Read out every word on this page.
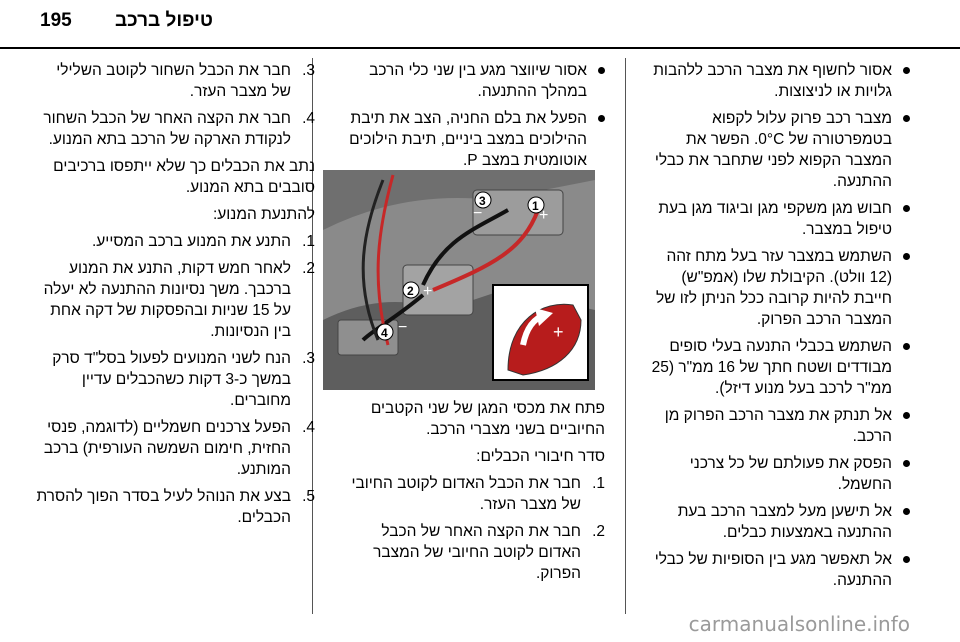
195 טיפול ברכב
אסור לחשוף את מצבר הרכב ללהבות גלויות או לניצוצות.
מצבר רכב פרוק עלול לקפוא בטמפרטורה של 0°C. הפשר את המצבר הקפוא לפני שתחבר את כבלי ההתנעה.
חבוש מגן משקפי מגן וביגוד מגן בעת טיפול במצבר.
השתמש במצבר עזר בעל מתח זהה (12 וולט). הקיבולת שלו (אמפ"ש) חייבת להיות קרובה ככל הניתן לזו של המצבר הרכב הפרוק.
השתמש בכבלי התנעה בעלי סופים מבודדים ושטח חתך של 16 ממ"ר (25 ממ"ר לרכב בעל מנוע דיזל).
אל תנתק את מצבר הרכב הפרוק מן הרכב.
הפסק את פעולתם של כל צרכני החשמל.
אל תישען מעל למצבר הרכב בעת ההתנעה באמצעות כבלים.
אל תאפשר מגע בין הסופיות של כבלי ההתנעה.
אסור שיווצר מגע בין שני כלי הרכב במהלך ההתנעה.
הפעל את בלם החניה, הצב את תיבת ההילוכים במצב ביניים, תיבת הילוכים אוטומטית במצב P.
3
−	1
+
2 +
4 −	+

פתח את מכסי המגן של שני הקטבים החיוביים בשני מצברי הרכב.

סדר חיבורי הכבלים:

1.
חבר את הכבל האדום לקוטב החיובי של מצבר העזר.
2.
חבר את הקצה האחר של הכבל האדום לקוטב החיובי של המצבר הפרוק.
3.
חבר את הכבל השחור לקוטב השלילי של מצבר העזר.
4.
חבר את הקצה האחר של הכבל השחור לנקודת הארקה של הרכב בתא המנוע.

נתב את הכבלים כך שלא ייתפסו ברכיבים סובבים בתא המנוע.

להתנעת המנוע:

1.
התנע את המנוע ברכב המסייע.
2.
לאחר חמש דקות, התנע את המנוע ברכבך. משך נסיונות ההתנעה לא יעלה על 15 שניות ובהפסקות של דקה אחת בין הנסיונות.
3.
הנח לשני המנועים לפעול בסל"ד סרק במשך כ-3 דקות כשהכבלים עדיין מחוברים.
4.
הפעל צרכנים חשמליים (לדוגמה, פנסי החזית, חימום השמשה העורפית) ברכב המותנע.
5.
בצע את הנוהל לעיל בסדר הפוך להסרת הכבלים.
carmanualsonline.info
